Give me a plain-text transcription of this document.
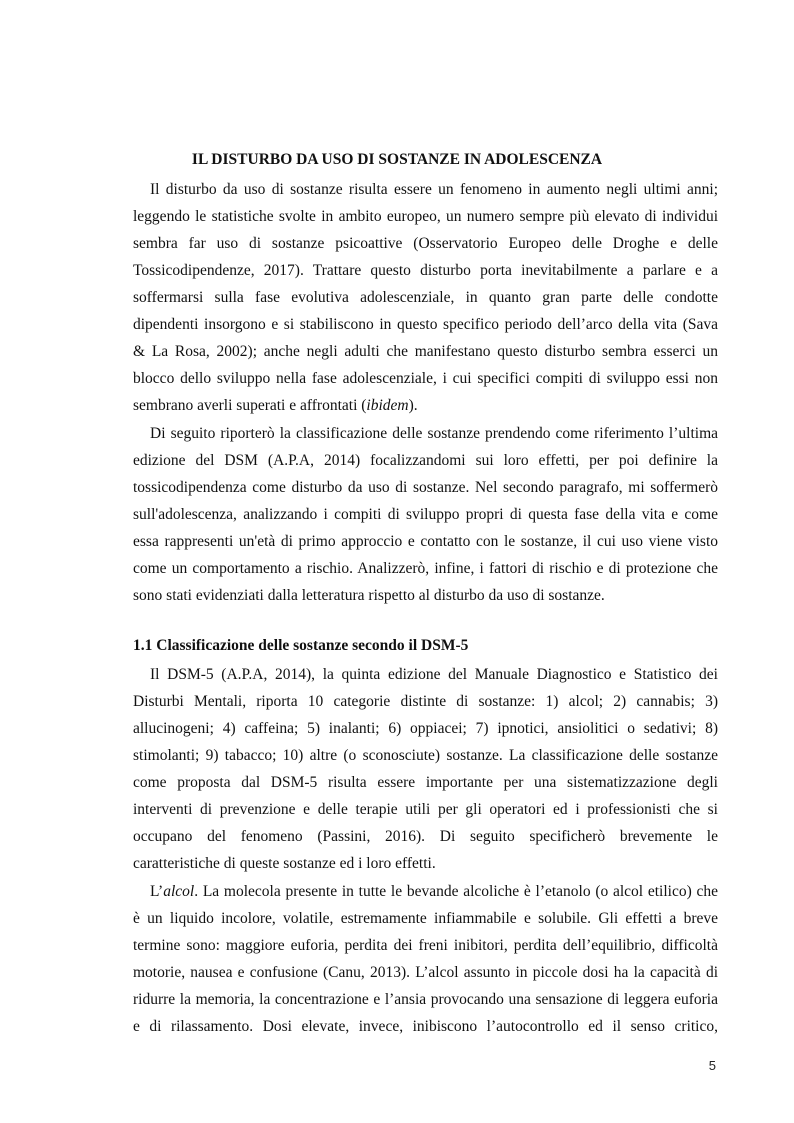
IL DISTURBO DA USO DI SOSTANZE IN ADOLESCENZA
Il disturbo da uso di sostanze risulta essere un fenomeno in aumento negli ultimi anni;
leggendo le statistiche svolte in ambito europeo, un numero sempre più elevato di individui
sembra far uso di sostanze psicoattive (Osservatorio Europeo delle Droghe e delle
Tossicodipendenze, 2017). Trattare questo disturbo porta inevitabilmente a parlare e a
soffermarsi sulla fase evolutiva adolescenziale, in quanto gran parte delle condotte
dipendenti insorgono e si stabiliscono in questo specifico periodo dell’arco della vita (Sava
& La Rosa, 2002); anche negli adulti che manifestano questo disturbo sembra esserci un
blocco dello sviluppo nella fase adolescenziale, i cui specifici compiti di sviluppo essi non
sembrano averli superati e affrontati (ibidem).
Di seguito riporterò la classificazione delle sostanze prendendo come riferimento l’ultima
edizione del DSM (A.P.A, 2014) focalizzandomi sui loro effetti, per poi definire la
tossicodipendenza come disturbo da uso di sostanze. Nel secondo paragrafo, mi soffermerò
sull'adolescenza, analizzando i compiti di sviluppo propri di questa fase della vita e come
essa rappresenti un'età di primo approccio e contatto con le sostanze, il cui uso viene visto
come un comportamento a rischio. Analizzerò, infine, i fattori di rischio e di protezione che
sono stati evidenziati dalla letteratura rispetto al disturbo da uso di sostanze.
1.1 Classificazione delle sostanze secondo il DSM-5
Il DSM-5 (A.P.A, 2014), la quinta edizione del Manuale Diagnostico e Statistico dei
Disturbi Mentali, riporta 10 categorie distinte di sostanze: 1) alcol; 2) cannabis; 3)
allucinogeni; 4) caffeina; 5) inalanti; 6) oppiacei; 7) ipnotici, ansiolitici o sedativi; 8)
stimolanti; 9) tabacco; 10) altre (o sconosciute) sostanze. La classificazione delle sostanze
come proposta dal DSM-5 risulta essere importante per una sistematizzazione degli
interventi di prevenzione e delle terapie utili per gli operatori ed i professionisti che si
occupano del fenomeno (Passini, 2016). Di seguito specificherò brevemente le
caratteristiche di queste sostanze ed i loro effetti.
L’alcol. La molecola presente in tutte le bevande alcoliche è l’etanolo (o alcol etilico) che
è un liquido incolore, volatile, estremamente infiammabile e solubile. Gli effetti a breve
termine sono: maggiore euforia, perdita dei freni inibitori, perdita dell’equilibrio, difficoltà
motorie, nausea e confusione (Canu, 2013). L’alcol assunto in piccole dosi ha la capacità di
ridurre la memoria, la concentrazione e l’ansia provocando una sensazione di leggera euforia
e di rilassamento. Dosi elevate, invece, inibiscono l’autocontrollo ed il senso critico,
5
